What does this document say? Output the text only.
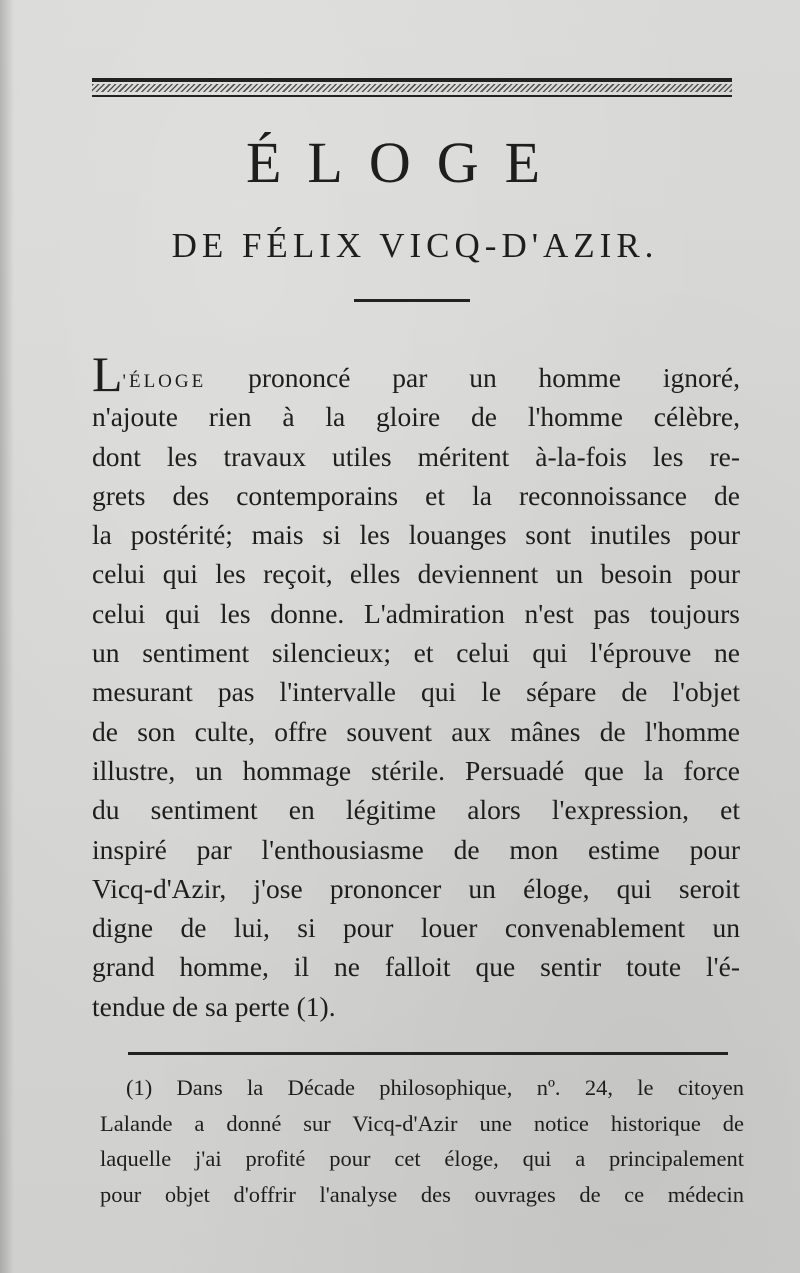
ÉLOGE
DE FÉLIX VICQ-D'AZIR.
L'ÉLOGE prononcé par un homme ignoré,
n'ajoute rien à la gloire de l'homme célèbre,
dont les travaux utiles méritent à-la-fois les re-
grets des contemporains et la reconnoissance de
la postérité; mais si les louanges sont inutiles pour
celui qui les reçoit, elles deviennent un besoin pour
celui qui les donne. L'admiration n'est pas toujours
un sentiment silencieux; et celui qui l'éprouve ne
mesurant pas l'intervalle qui le sépare de l'objet
de son culte, offre souvent aux mânes de l'homme
illustre, un hommage stérile. Persuadé que la force
du sentiment en légitime alors l'expression, et
inspiré par l'enthousiasme de mon estime pour
Vicq-d'Azir, j'ose prononcer un éloge, qui seroit
digne de lui, si pour louer convenablement un
grand homme, il ne falloit que sentir toute l'é-
tendue de sa perte (1).
(1) Dans la Décade philosophique, nº. 24, le citoyen
Lalande a donné sur Vicq-d'Azir une notice historique de
laquelle j'ai profité pour cet éloge, qui a principalement
pour objet d'offrir l'analyse des ouvrages de ce médecin
